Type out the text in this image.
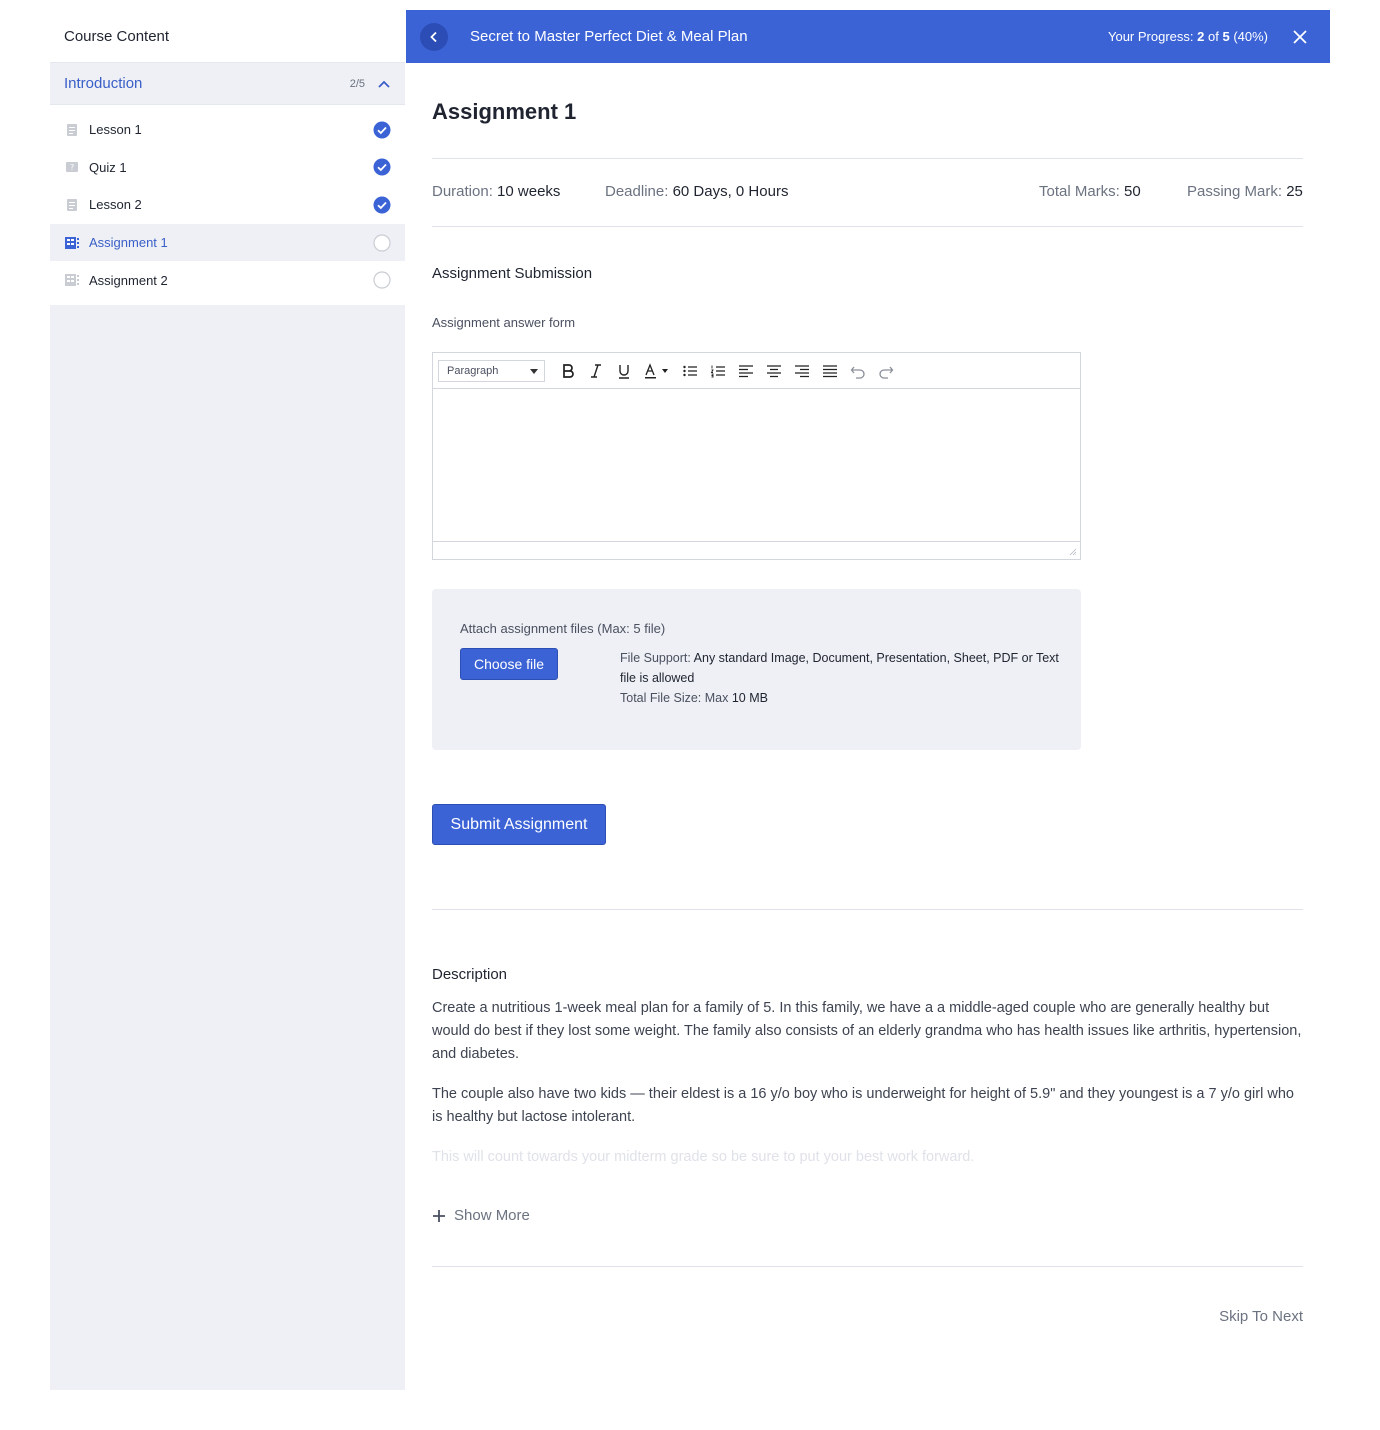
Course Content
Introduction	2/5
Lesson 1
? Quiz 1
Lesson 2
Assignment 1
Assignment 2
Secret to Master Perfect Diet & Meal Plan	Your Progress: 2 of 5 (40%)
Assignment 1
Duration: 10 weeks	Deadline: 60 Days, 0 Hours	Total Marks: 50	Passing Mark: 25
Assignment Submission
Assignment answer form
Paragraph
Attach assignment files (Max: 5 file)
Choose file	File Support: Any standard Image, Document, Presentation, Sheet, PDF or Text file is allowed
Total File Size: Max 10 MB
Submit Assignment
Description

Create a nutritious 1-week meal plan for a family of 5. In this family, we have a a middle-aged couple who are generally healthy but would do best if they lost some weight. The family also consists of an elderly grandma who has health issues like arthritis, hypertension, and diabetes.

The couple also have two kids — their eldest is a 16 y/o boy who is underweight for height of 5.9" and they youngest is a 7 y/o girl who is healthy but lactose intolerant.

This will count towards your midterm grade so be sure to put your best work forward.

Show More
Skip To Next
